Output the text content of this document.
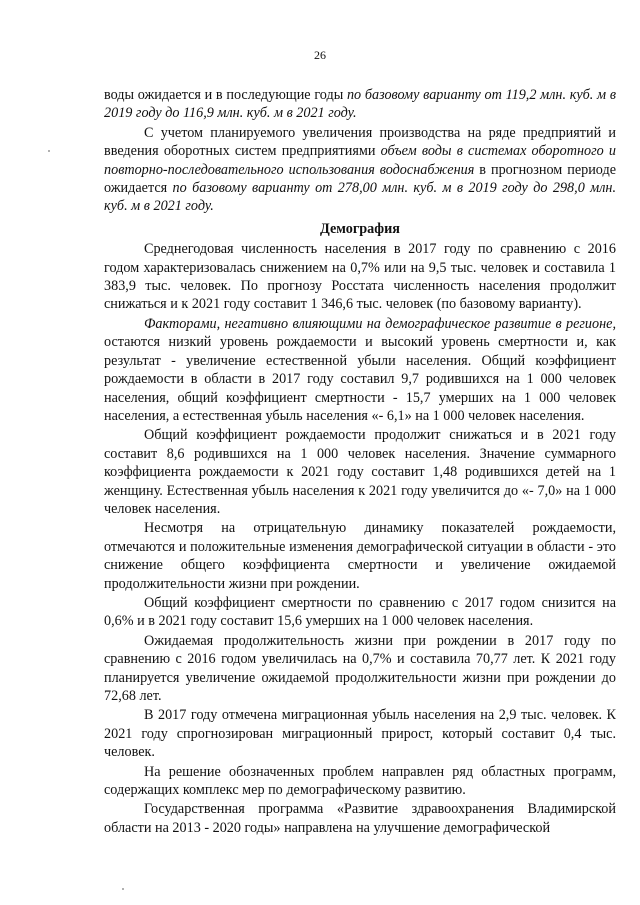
26

воды ожидается и в последующие годы по базовому варианту от 119,2 млн. куб. м в 2019 году до 116,9 млн. куб. м в 2021 году.

С учетом планируемого увеличения производства на ряде предприятий и введения оборотных систем предприятиями объем воды в системах оборотного и повторно-последовательного использования водоснабжения в прогнозном периоде ожидается по базовому варианту от 278,00 млн. куб. м в 2019 году до 298,0 млн. куб. м в 2021 году.

Демография

Среднегодовая численность населения в 2017 году по сравнению с 2016 годом характеризовалась снижением на 0,7% или на 9,5 тыс. человек и составила 1 383,9 тыс. человек. По прогнозу Росстата численность населения продолжит снижаться и к 2021 году составит 1 346,6 тыс. человек (по базовому варианту).

Факторами, негативно влияющими на демографическое развитие в регионе, остаются низкий уровень рождаемости и высокий уровень смертности и, как результат - увеличение естественной убыли населения. Общий коэффициент рождаемости в области в 2017 году составил 9,7 родившихся на 1 000 человек населения, общий коэффициент смертности - 15,7 умерших на 1 000 человек населения, а естественная убыль населения «- 6,1» на 1 000 человек населения.

Общий коэффициент рождаемости продолжит снижаться и в 2021 году составит 8,6 родившихся на 1 000 человек населения. Значение суммарного коэффициента рождаемости к 2021 году составит 1,48 родившихся детей на 1 женщину. Естественная убыль населения к 2021 году увеличится до «- 7,0» на 1 000 человек населения.

Несмотря на отрицательную динамику показателей рождаемости, отмечаются и положительные изменения демографической ситуации в области - это снижение общего коэффициента смертности и увеличение ожидаемой продолжительности жизни при рождении.

Общий коэффициент смертности по сравнению с 2017 годом снизится на 0,6% и в 2021 году составит 15,6 умерших на 1 000 человек населения.

Ожидаемая продолжительность жизни при рождении в 2017 году по сравнению с 2016 годом увеличилась на 0,7% и составила 70,77 лет. К 2021 году планируется увеличение ожидаемой продолжительности жизни при рождении до 72,68 лет.

В 2017 году отмечена миграционная убыль населения на 2,9 тыс. человек. К 2021 году спрогнозирован миграционный прирост, который составит 0,4 тыс. человек.

На решение обозначенных проблем направлен ряд областных программ, содержащих комплекс мер по демографическому развитию.

Государственная программа «Развитие здравоохранения Владимирской области на 2013 - 2020 годы» направлена на улучшение демографической
